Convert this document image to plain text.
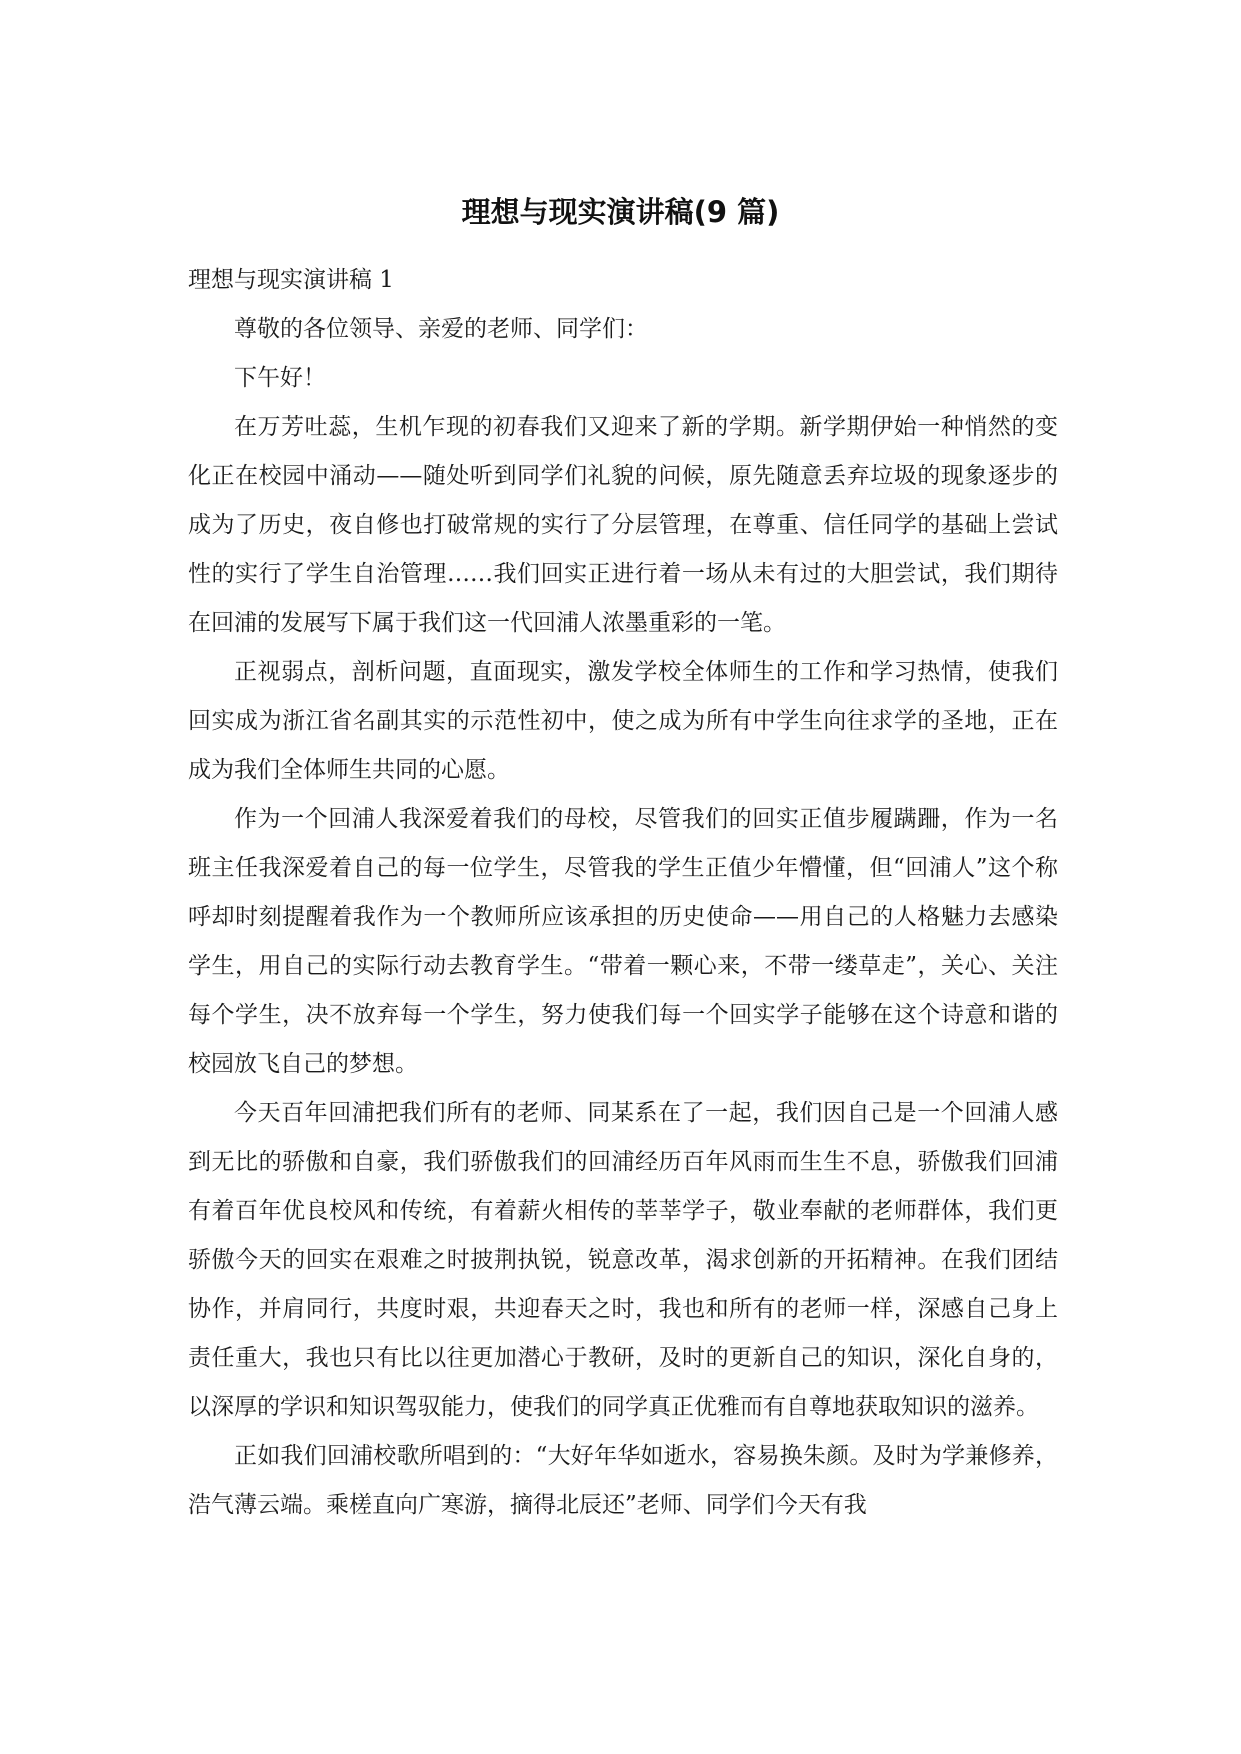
理想与现实演讲稿(9 篇)

理想与现实演讲稿 1

尊敬的各位领导、亲爱的老师、同学们：

下午好！

在万芳吐蕊，生机乍现的初春我们又迎来了新的学期。新学期伊始一种悄然的变化正在校园中涌动——随处听到同学们礼貌的问候，原先随意丢弃垃圾的现象逐步的成为了历史，夜自修也打破常规的实行了分层管理，在尊重、信任同学的基础上尝试性的实行了学生自治管理……我们回实正进行着一场从未有过的大胆尝试，我们期待在回浦的发展写下属于我们这一代回浦人浓墨重彩的一笔。

正视弱点，剖析问题，直面现实，激发学校全体师生的工作和学习热情，使我们回实成为浙江省名副其实的示范性初中，使之成为所有中学生向往求学的圣地，正在成为我们全体师生共同的心愿。

作为一个回浦人我深爱着我们的母校，尽管我们的回实正值步履蹒跚，作为一名班主任我深爱着自己的每一位学生，尽管我的学生正值少年懵懂，但“回浦人”这个称呼却时刻提醒着我作为一个教师所应该承担的历史使命——用自己的人格魅力去感染学生，用自己的实际行动去教育学生。“带着一颗心来，不带一缕草走”，关心、关注每个学生，决不放弃每一个学生，努力使我们每一个回实学子能够在这个诗意和谐的校园放飞自己的梦想。

今天百年回浦把我们所有的老师、同某系在了一起，我们因自己是一个回浦人感到无比的骄傲和自豪，我们骄傲我们的回浦经历百年风雨而生生不息，骄傲我们回浦有着百年优良校风和传统，有着薪火相传的莘莘学子，敬业奉献的老师群体，我们更骄傲今天的回实在艰难之时披荆执锐，锐意改革，渴求创新的开拓精神。在我们团结协作，并肩同行，共度时艰，共迎春天之时，我也和所有的老师一样，深感自己身上责任重大，我也只有比以往更加潜心于教研，及时的更新自己的知识，深化自身的，以深厚的学识和知识驾驭能力，使我们的同学真正优雅而有自尊地获取知识的滋养。

正如我们回浦校歌所唱到的：“大好年华如逝水，容易换朱颜。及时为学兼修养，浩气薄云端。乘槎直向广寒游，摘得北辰还”老师、同学们今天有我
